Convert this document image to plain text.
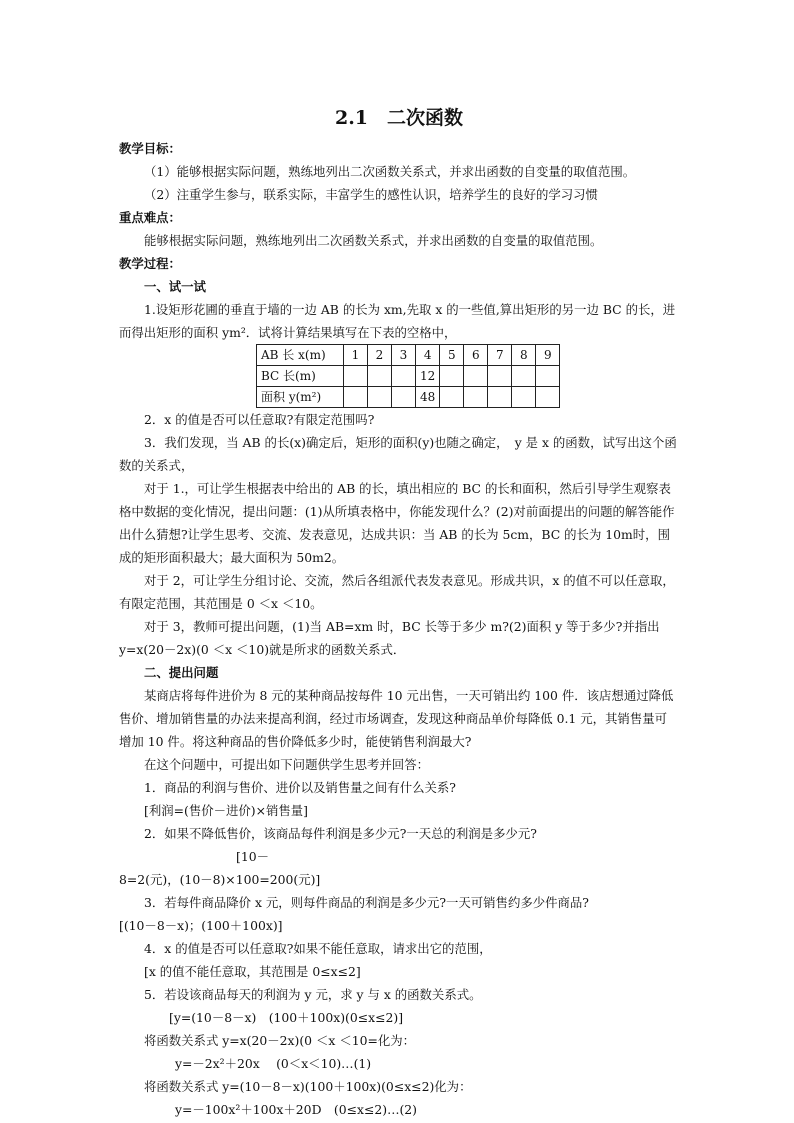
2.1　二次函数

教学目标：

（1）能够根据实际问题，熟练地列出二次函数关系式，并求出函数的自变量的取值范围。

（2）注重学生参与，联系实际，丰富学生的感性认识，培养学生的良好的学习习惯

重点难点：

能够根据实际问题，熟练地列出二次函数关系式，并求出函数的自变量的取值范围。

教学过程：

一、试一试

1.设矩形花圃的垂直于墙的一边 AB 的长为 xm,先取 x 的一些值,算出矩形的另一边 BC 的长，进而得出矩形的面积 ym²．试将计算结果填写在下表的空格中，

AB 长 x(m)	1	2	3	4	5	6	7	8	9
BC 长(m)				12					
面积 y(m²)				48					

2．x 的值是否可以任意取?有限定范围吗?

3．我们发现，当 AB 的长(x)确定后，矩形的面积(y)也随之确定，　y 是 x 的函数，试写出这个函数的关系式，

对于 1.，可让学生根据表中给出的 AB 的长，填出相应的 BC 的长和面积，然后引导学生观察表格中数据的变化情况，提出问题：(1)从所填表格中，你能发现什么？(2)对前面提出的问题的解答能作出什么猜想?让学生思考、交流、发表意见，达成共识：当 AB 的长为 5cm，BC 的长为 10m时，围成的矩形面积最大；最大面积为 50m2。

对于 2，可让学生分组讨论、交流，然后各组派代表发表意见。形成共识，x 的值不可以任意取，有限定范围，其范围是 0 ＜x ＜10。

对于 3，教师可提出问题，(1)当 AB=xm 时，BC 长等于多少 m?(2)面积 y 等于多少?并指出 y=x(20－2x)(0 ＜x ＜10)就是所求的函数关系式．

二、提出问题

某商店将每件进价为 8 元的某种商品按每件 10 元出售，一天可销出约 100 件．该店想通过降低售价、增加销售量的办法来提高利润，经过市场调查，发现这种商品单价每降低 0.1 元，其销售量可增加 10 件。将这种商品的售价降低多少时，能使销售利润最大?

在这个问题中，可提出如下问题供学生思考并回答：

1．商品的利润与售价、进价以及销售量之间有什么关系?

[利润=(售价－进价)×销售量]

2．如果不降低售价，该商品每件利润是多少元?一天总的利润是多少元?[10－

8=2(元)，(10－8)×100=200(元)]

3．若每件商品降价 x 元，则每件商品的利润是多少元?一天可销售约多少件商品?

[(10－8－x)；(100＋100x)]

4．x 的值是否可以任意取?如果不能任意取，请求出它的范围，

[x 的值不能任意取，其范围是 0≤x≤2]

5．若设该商品每天的利润为 y 元，求 y 与 x 的函数关系式。

[y=(10－8－x)　(100＋100x)(0≤x≤2)]

将函数关系式 y=x(20－2x)(0 ＜x ＜10=化为：

y=－2x²＋20x　 (0＜x＜10)…(1)

将函数关系式 y=(10－8－x)(100＋100x)(0≤x≤2)化为：

y=－100x²＋100x＋20D　(0≤x≤2)…(2)
